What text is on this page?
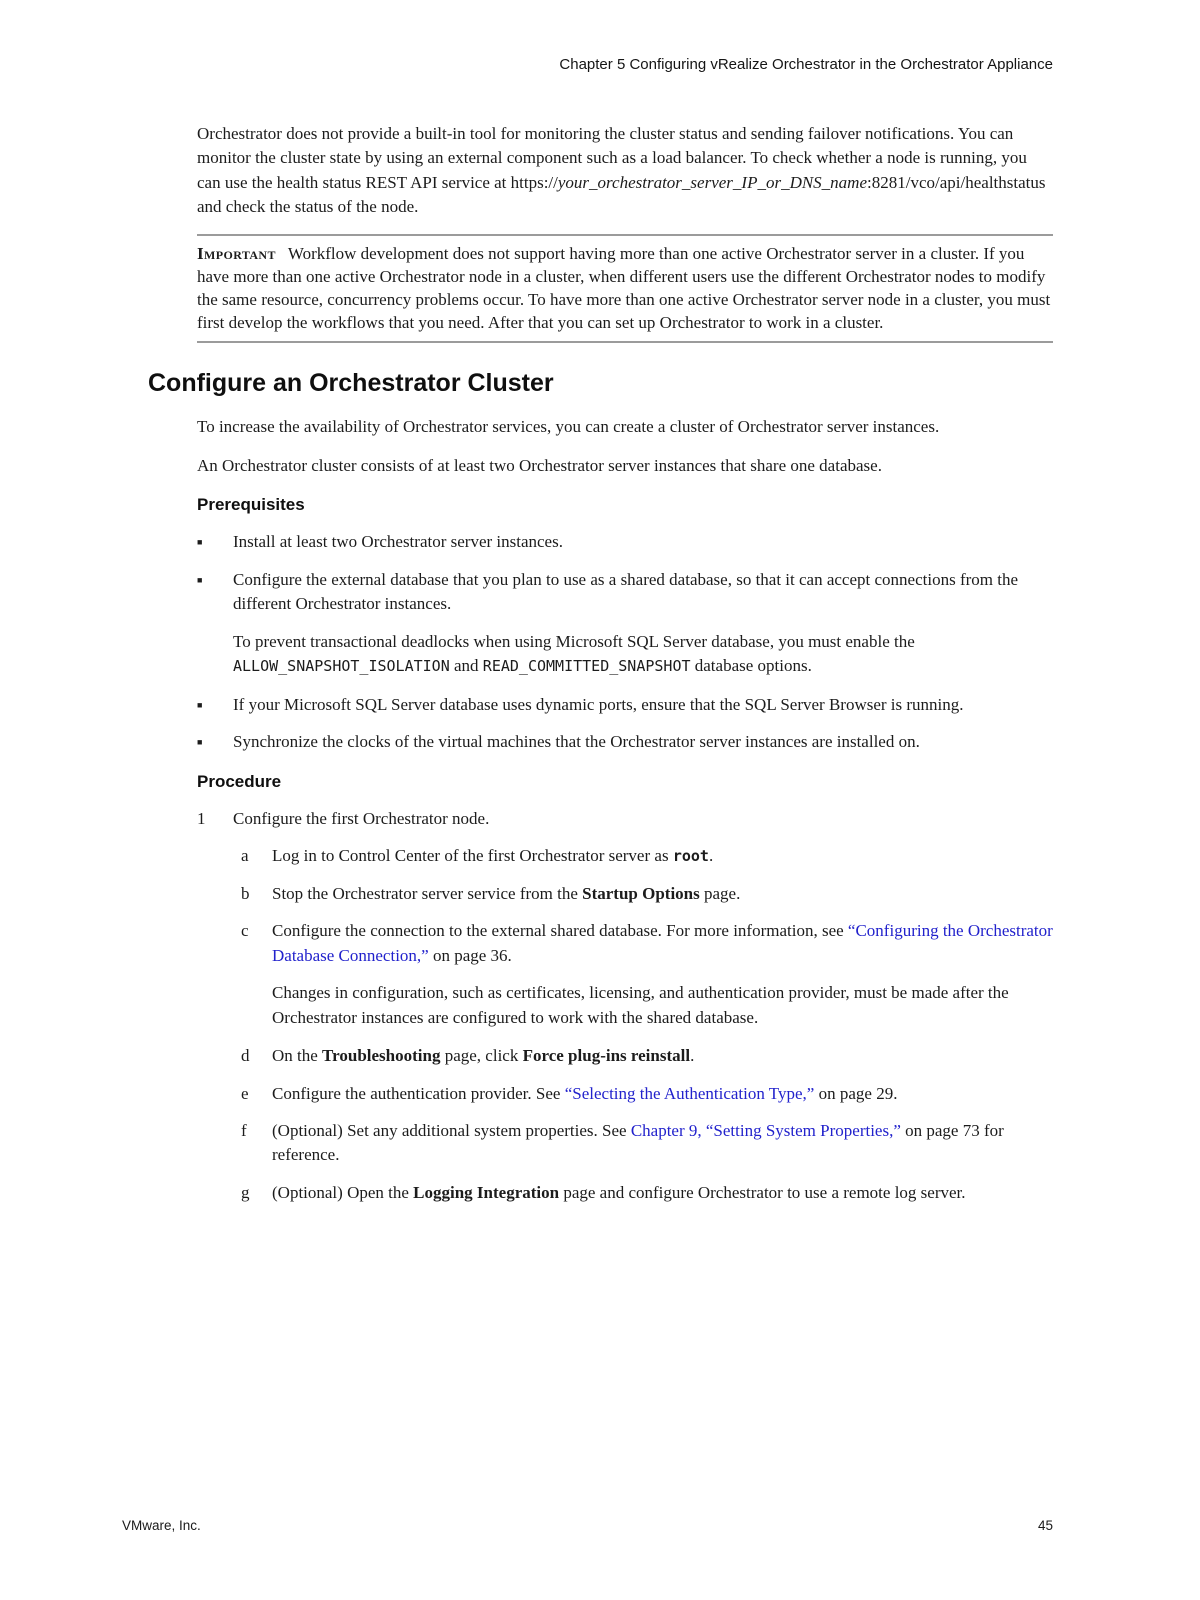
Chapter 5 Configuring vRealize Orchestrator in the Orchestrator Appliance
Orchestrator does not provide a built-in tool for monitoring the cluster status and sending failover notifications. You can monitor the cluster state by using an external component such as a load balancer. To check whether a node is running, you can use the health status REST API service at https://your_orchestrator_server_IP_or_DNS_name:8281/vco/api/healthstatus and check the status of the node.
Important Workflow development does not support having more than one active Orchestrator server in a cluster. If you have more than one active Orchestrator node in a cluster, when different users use the different Orchestrator nodes to modify the same resource, concurrency problems occur. To have more than one active Orchestrator server node in a cluster, you must first develop the workflows that you need. After that you can set up Orchestrator to work in a cluster.
Configure an Orchestrator Cluster
To increase the availability of Orchestrator services, you can create a cluster of Orchestrator server instances.
An Orchestrator cluster consists of at least two Orchestrator server instances that share one database.
Prerequisites
■	Install at least two Orchestrator server instances.
■	Configure the external database that you plan to use as a shared database, so that it can accept connections from the different Orchestrator instances.
To prevent transactional deadlocks when using Microsoft SQL Server database, you must enable the ALLOW_SNAPSHOT_ISOLATION and READ_COMMITTED_SNAPSHOT database options.
■	If your Microsoft SQL Server database uses dynamic ports, ensure that the SQL Server Browser is running.
■	Synchronize the clocks of the virtual machines that the Orchestrator server instances are installed on.
Procedure
1	Configure the first Orchestrator node.
a	Log in to Control Center of the first Orchestrator server as root.
b	Stop the Orchestrator server service from the Startup Options page.
c	Configure the connection to the external shared database. For more information, see “Configuring the Orchestrator Database Connection,” on page 36.
Changes in configuration, such as certificates, licensing, and authentication provider, must be made after the Orchestrator instances are configured to work with the shared database.
d	On the Troubleshooting page, click Force plug-ins reinstall.
e	Configure the authentication provider. See “Selecting the Authentication Type,” on page 29.
f	(Optional) Set any additional system properties. See Chapter 9, “Setting System Properties,” on page 73 for reference.
g	(Optional) Open the Logging Integration page and configure Orchestrator to use a remote log server.
VMware, Inc.	45
